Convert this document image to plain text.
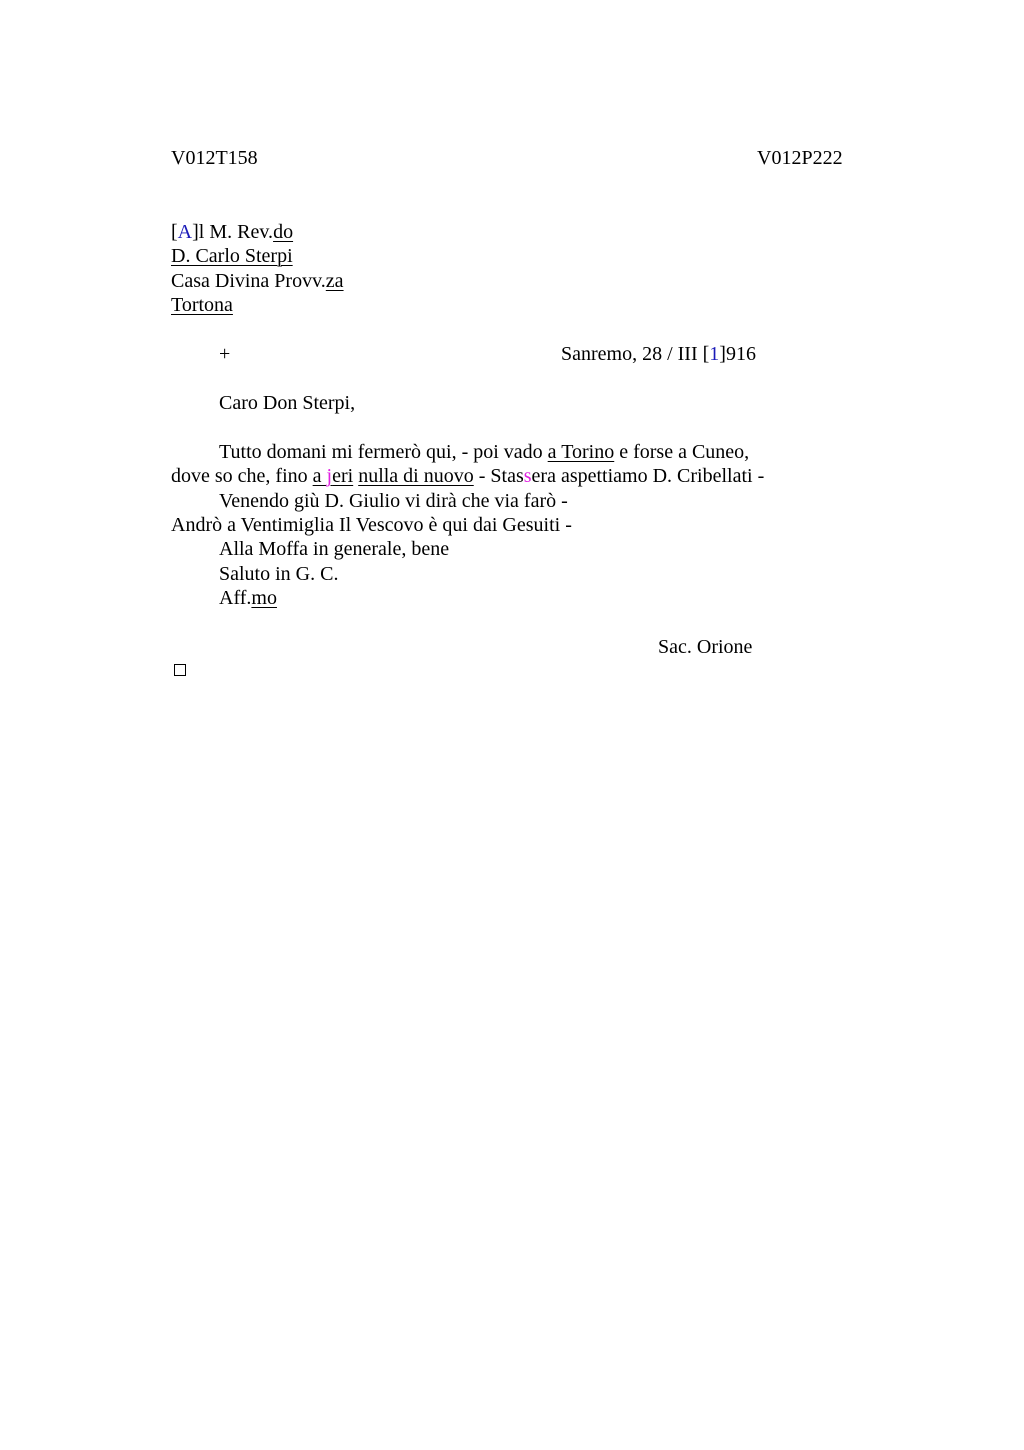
V012T158	V012P222
[A]l M. Rev.do
D. Carlo Sterpi
Casa Divina Provv.za
Tortona
+	Sanremo, 28 / III [1]916
Caro Don Sterpi,
Tutto domani mi fermerò qui, - poi vado a Torino e forse a Cuneo,
dove so che, fino a jeri nulla di nuovo - Stassera aspettiamo D. Cribellati -
Venendo giù D. Giulio vi dirà che via farò -
Andrò a Ventimiglia Il Vescovo è qui dai Gesuiti -
Alla Moffa in generale, bene
Saluto in G. C.
Aff.mo
Sac. Orione
